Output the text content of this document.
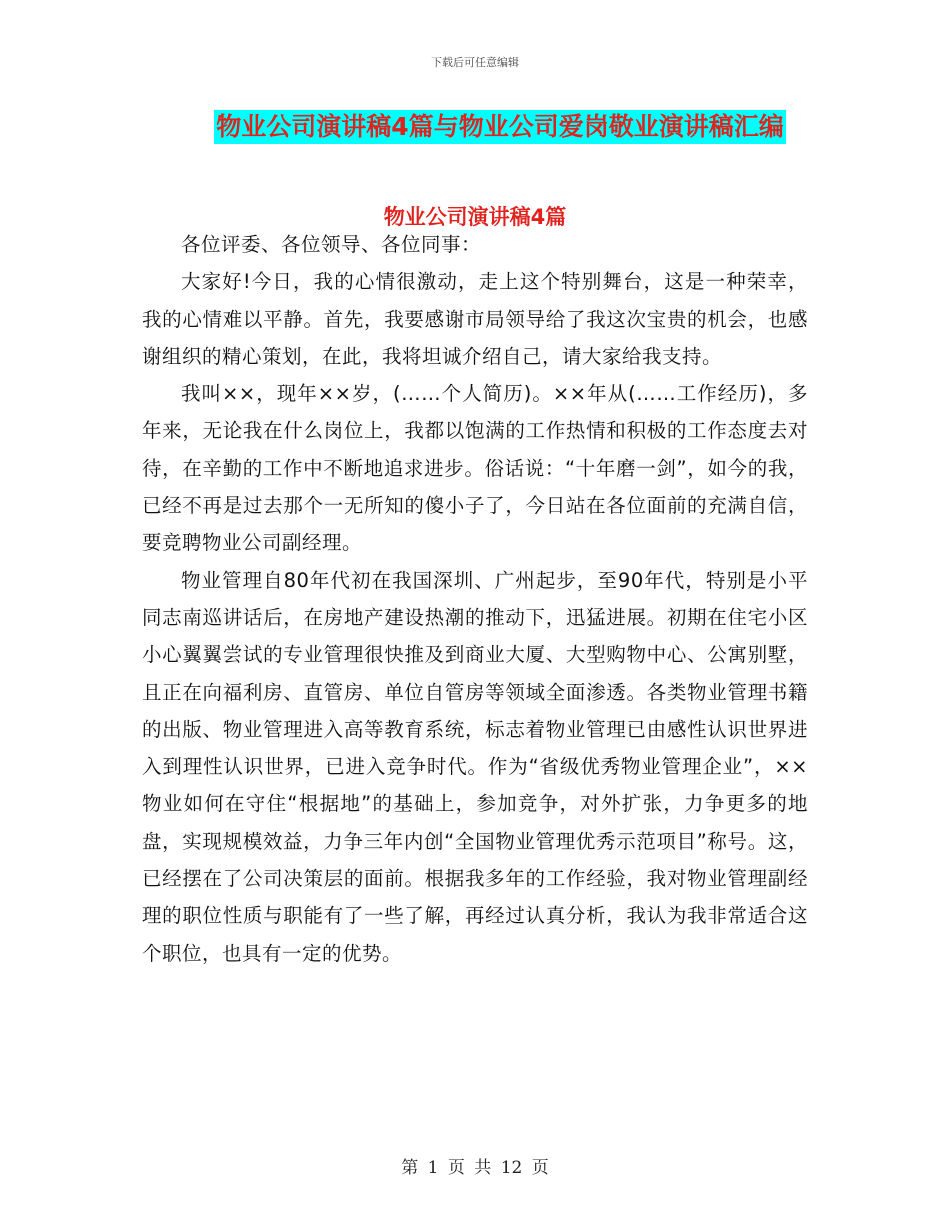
下载后可任意编辑
物业公司演讲稿4篇与物业公司爱岗敬业演讲稿汇编
物业公司演讲稿4篇

各位评委、各位领导、各位同事：

大家好!今日，我的心情很激动，走上这个特别舞台，这是一种荣幸，我的心情难以平静。首先，我要感谢市局领导给了我这次宝贵的机会，也感谢组织的精心策划，在此，我将坦诚介绍自己，请大家给我支持。

我叫××，现年××岁，(……个人简历)。××年从(……工作经历)，多年来，无论我在什么岗位上，我都以饱满的工作热情和积极的工作态度去对待，在辛勤的工作中不断地追求进步。俗话说：“十年磨一剑”，如今的我，已经不再是过去那个一无所知的傻小子了，今日站在各位面前的充满自信，要竞聘物业公司副经理。

物业管理自80年代初在我国深圳、广州起步，至90年代，特别是小平同志南巡讲话后，在房地产建设热潮的推动下，迅猛进展。初期在住宅小区小心翼翼尝试的专业管理很快推及到商业大厦、大型购物中心、公寓别墅，且正在向福利房、直管房、单位自管房等领域全面渗透。各类物业管理书籍的出版、物业管理进入高等教育系统，标志着物业管理已由感性认识世界进入到理性认识世界，已进入竞争时代。作为“省级优秀物业管理企业”，××物业如何在守住“根据地”的基础上，参加竞争，对外扩张，力争更多的地盘，实现规模效益，力争三年内创“全国物业管理优秀示范项目”称号。这，已经摆在了公司决策层的面前。根据我多年的工作经验，我对物业管理副经理的职位性质与职能有了一些了解，再经过认真分析，我认为我非常适合这个职位，也具有一定的优势。

第 1 页 共 12 页
